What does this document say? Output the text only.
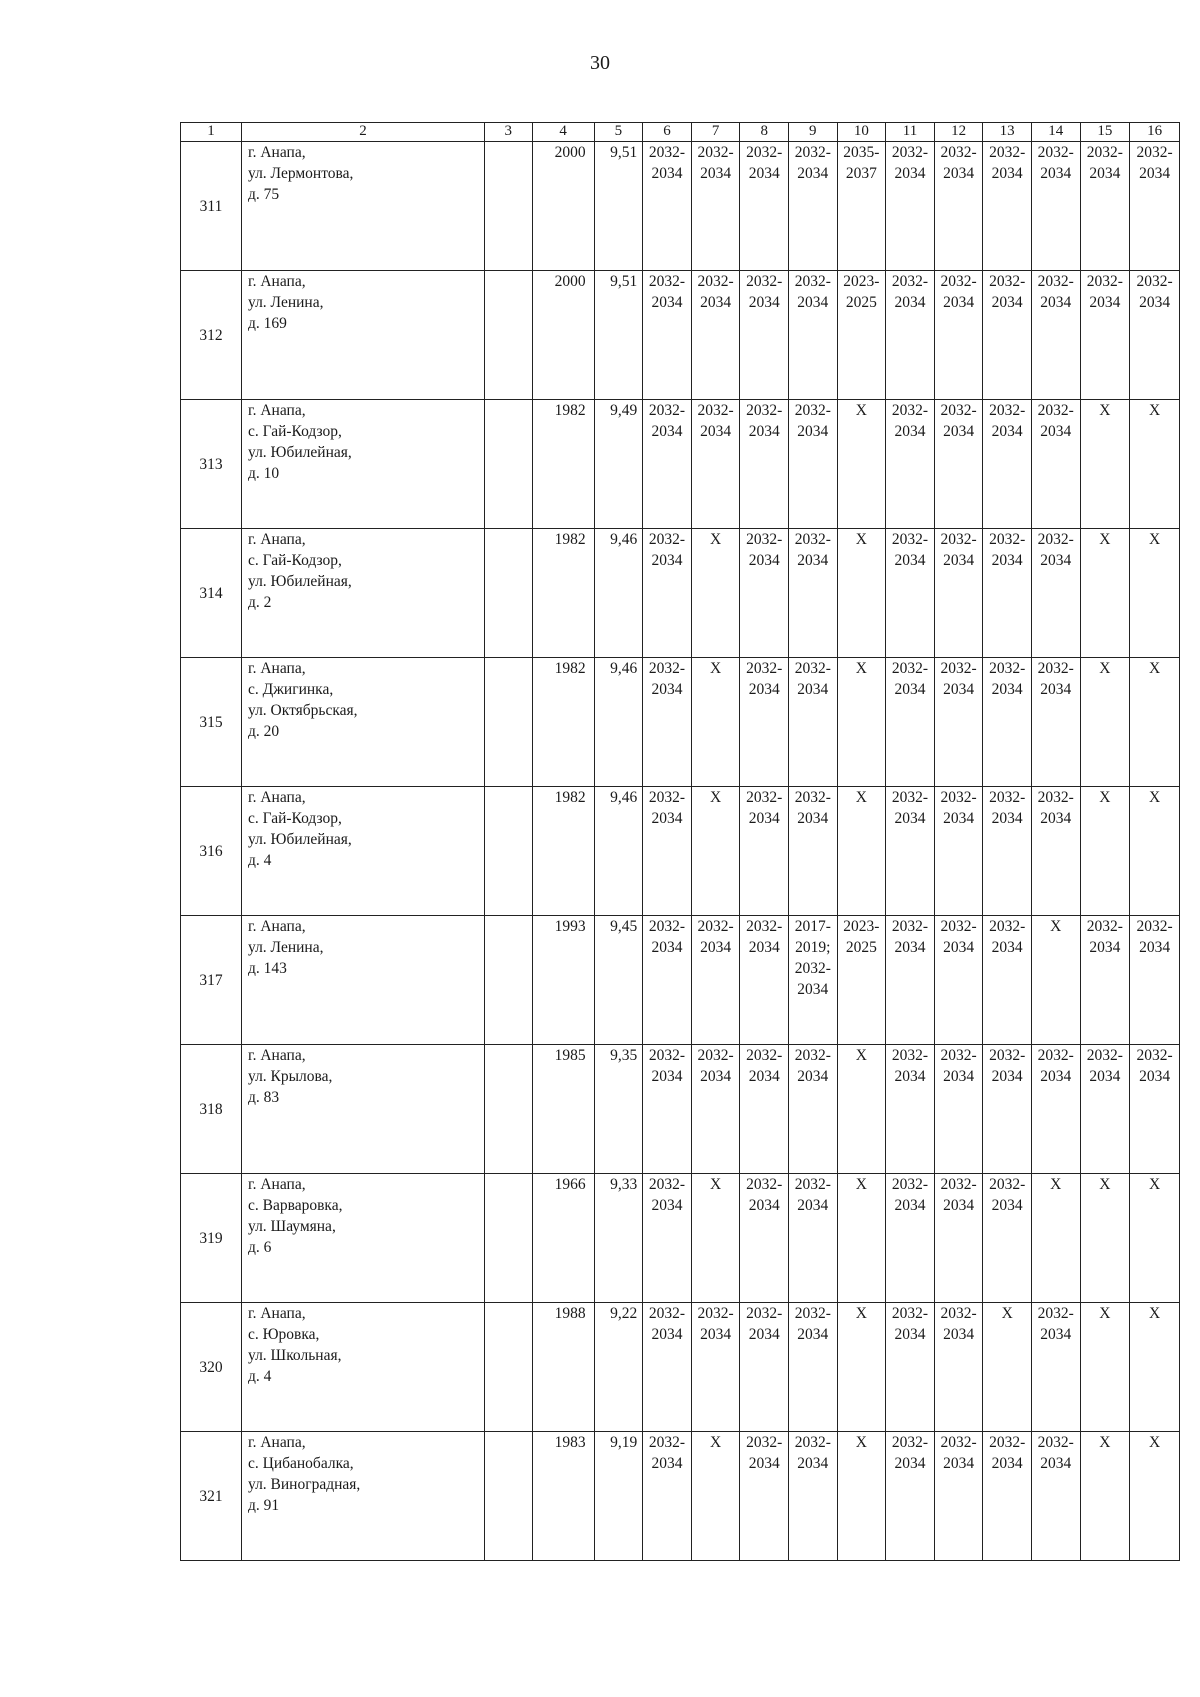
30
1	2	3	4	5	6	7	8	9	10	11	12	13	14	15	16
311	г. Анапа,
ул. Лермонтова,
д. 75		2000	9,51	2032-
2034	2032-
2034	2032-
2034	2032-
2034	2035-
2037	2032-
2034	2032-
2034	2032-
2034	2032-
2034	2032-
2034	2032-
2034

312	г. Анапа,
ул. Ленина,
д. 169		2000	9,51	2032-
2034	2032-
2034	2032-
2034	2032-
2034	2023-
2025	2032-
2034	2032-
2034	2032-
2034	2032-
2034	2032-
2034	2032-
2034

313	г. Анапа,
с. Гай-Кодзор,
ул. Юбилейная,
д. 10		1982	9,49	2032-
2034	2032-
2034	2032-
2034	2032-
2034	X	2032-
2034	2032-
2034	2032-
2034	2032-
2034	X	X

314	г. Анапа,
с. Гай-Кодзор,
ул. Юбилейная,
д. 2		1982	9,46	2032-
2034	X	2032-
2034	2032-
2034	X	2032-
2034	2032-
2034	2032-
2034	2032-
2034	X	X

315	г. Анапа,
с. Джигинка,
ул. Октябрьская,
д. 20		1982	9,46	2032-
2034	X	2032-
2034	2032-
2034	X	2032-
2034	2032-
2034	2032-
2034	2032-
2034	X	X

316	г. Анапа,
с. Гай-Кодзор,
ул. Юбилейная,
д. 4		1982	9,46	2032-
2034	X	2032-
2034	2032-
2034	X	2032-
2034	2032-
2034	2032-
2034	2032-
2034	X	X

317	г. Анапа,
ул. Ленина,
д. 143		1993	9,45	2032-
2034	2032-
2034	2032-
2034	2017-
2019;
2032-
2034	2023-
2025	2032-
2034	2032-
2034	2032-
2034	X	2032-
2034	2032-
2034

318	г. Анапа,
ул. Крылова,
д. 83		1985	9,35	2032-
2034	2032-
2034	2032-
2034	2032-
2034	X	2032-
2034	2032-
2034	2032-
2034	2032-
2034	2032-
2034	2032-
2034

319	г. Анапа,
с. Варваровка,
ул. Шаумяна,
д. 6		1966	9,33	2032-
2034	X	2032-
2034	2032-
2034	X	2032-
2034	2032-
2034	2032-
2034	X	X	X

320	г. Анапа,
с. Юровка,
ул. Школьная,
д. 4		1988	9,22	2032-
2034	2032-
2034	2032-
2034	2032-
2034	X	2032-
2034	2032-
2034	X	2032-
2034	X	X

321	г. Анапа,
с. Цибанобалка,
ул. Виноградная,
д. 91		1983	9,19	2032-
2034	X	2032-
2034	2032-
2034	X	2032-
2034	2032-
2034	2032-
2034	2032-
2034	X	X
